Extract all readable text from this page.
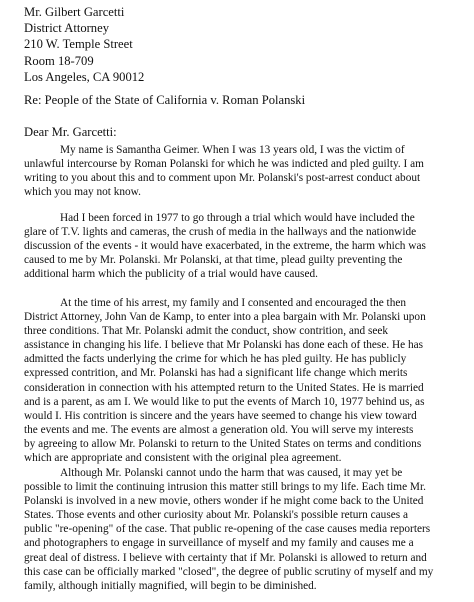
Mr. Gilbert Garcetti
District Attorney
210 W. Temple Street
Room 18-709
Los Angeles, CA 90012
Re: People of the State of California v. Roman Polanski
Dear Mr. Garcetti:
My name is Samantha Geimer. When I was 13 years old, I was the victim of
unlawful intercourse by Roman Polanski for which he was indicted and pled guilty. I am
writing to you about this and to comment upon Mr. Polanski's post-arrest conduct about
which you may not know.
Had I been forced in 1977 to go through a trial which would have included the
glare of T.V. lights and cameras, the crush of media in the hallways and the nationwide
discussion of the events - it would have exacerbated, in the extreme, the harm which was
caused to me by Mr. Polanski. Mr Polanski, at that time, plead guilty preventing the
additional harm which the publicity of a trial would have caused.
At the time of his arrest, my family and I consented and encouraged the then
District Attorney, John Van de Kamp, to enter into a plea bargain with Mr. Polanski upon
three conditions. That Mr. Polanski admit the conduct, show contrition, and seek
assistance in changing his life. I believe that Mr Polanski has done each of these. He has
admitted the facts underlying the crime for which he has pled guilty. He has publicly
expressed contrition, and Mr. Polanski has had a significant life change which merits
consideration in connection with his attempted return to the United States. He is married
and is a parent, as am I. We would like to put the events of March 10, 1977 behind us, as
would I. His contrition is sincere and the years have seemed to change his view toward
the events and me. The events are almost a generation old. You will serve my interests
by agreeing to allow Mr. Polanski to return to the United States on terms and conditions
which are appropriate and consistent with the original plea agreement.
Although Mr. Polanski cannot undo the harm that was caused, it may yet be
possible to limit the continuing intrusion this matter still brings to my life. Each time Mr.
Polanski is involved in a new movie, others wonder if he might come back to the United
States. Those events and other curiosity about Mr. Polanski's possible return causes a
public "re-opening" of the case. That public re-opening of the case causes media reporters
and photographers to engage in surveillance of myself and my family and causes me a
great deal of distress. I believe with certainty that if Mr. Polanski is allowed to return and
this case can be officially marked "closed", the degree of public scrutiny of myself and my
family, although initially magnified, will begin to be diminished.
